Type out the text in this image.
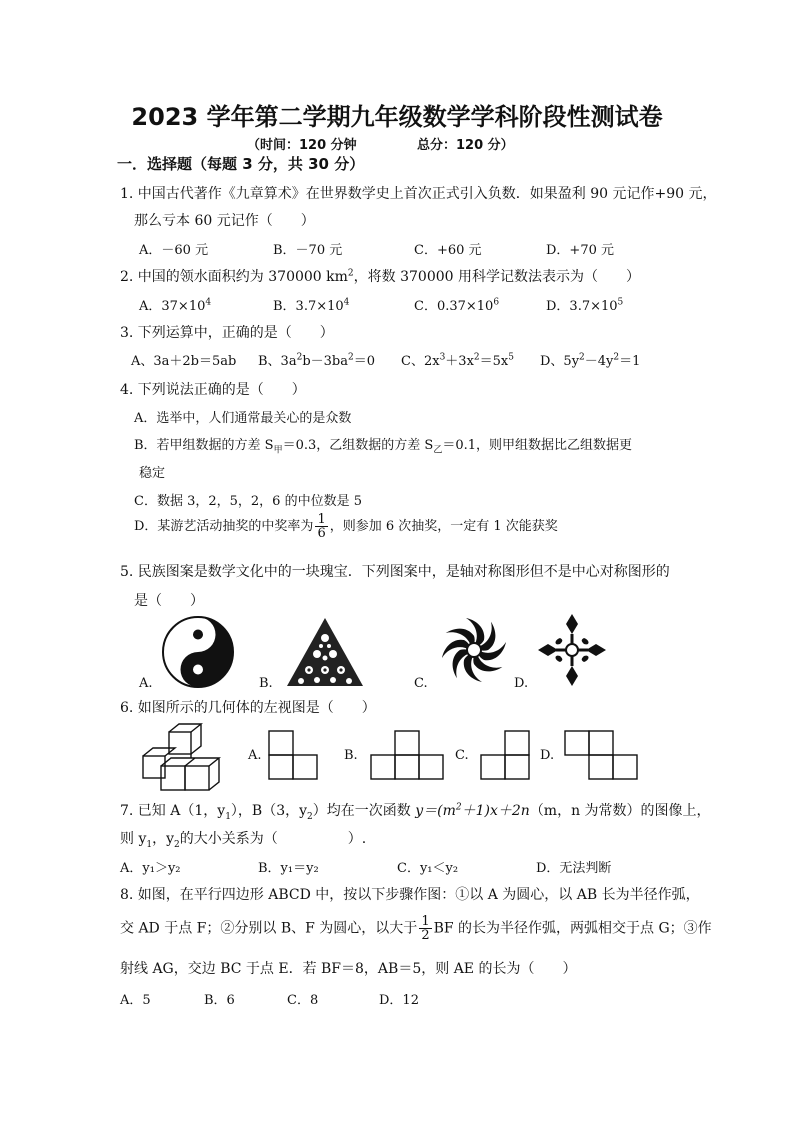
2023 学年第二学期九年级数学学科阶段性测试卷
（时间：120 分钟	总分：120 分）
一．选择题（每题 3 分，共 30 分）
1. 中国古代著作《九章算术》在世界数学史上首次正式引入负数．如果盈利 90 元记作+90 元，
那么亏本 60 元记作（　　）
A．－60 元	B．－70 元	C．+60 元	D．+70 元
2. 中国的领水面积约为 370000 $km^2$，将数 370000 用科学记数法表示为（　　）
A．$37\times 10^4$	B．$3.7\times 10^4$	C．$0.37\times 10^6$	D．$3.7\times 10^5$
3. 下列运算中，正确的是（　　）
A、3a＋2b＝5ab B、$3a^2b-3ba^2=0$ C、$2x^3+3x^2=5x^5$ D、$5y^2-4y^2=1$
4. 下列说法正确的是（　　）
A．选举中，人们通常最关心的是众数
B．若甲组数据的方差 $S_甲=0.3$，乙组数据的方差 $S_乙=0.1$，则甲组数据比乙组数据更
稳定
C．数据 3，2，5，2，6 的中位数是 5
D．某游艺活动抽奖的中奖率为 $\frac{1}{6}$ ，则参加 6 次抽奖，一定有 1 次能获奖
5. 民族图案是数学文化中的一块瑰宝．下列图案中，是轴对称图形但不是中心对称图形的
是（　　）
A.	B.	C.	D.
6. 如图所示的几何体的左视图是（　　）
A.	B.	C.	D.
7. 已知 A（1，$y_1$），B（3，$y_2$）均在一次函数 $y=(m^2+1)x+2n(m$，n 为常数）的图像上，
则 $y_1$，$y_2$的大小关系为（　　　　　）.
A．y₁＞y₂	B．y₁＝y₂	C．y₁＜y₂	D．无法判断
8. 如图，在平行四边形 ABCD 中，按以下步骤作图：①以 A 为圆心，以 AB 长为半径作弧，
交 AD 于点 F；②分别以 B、F 为圆心，以大于 $\frac{1}{2}$ BF 的长为半径作弧，两弧相交于点 G；③作
射线 AG，交边 BC 于点 E．若 BF＝8，AB＝5，则 AE 的长为（　　）
A．5	B．6	C．8	D．12
